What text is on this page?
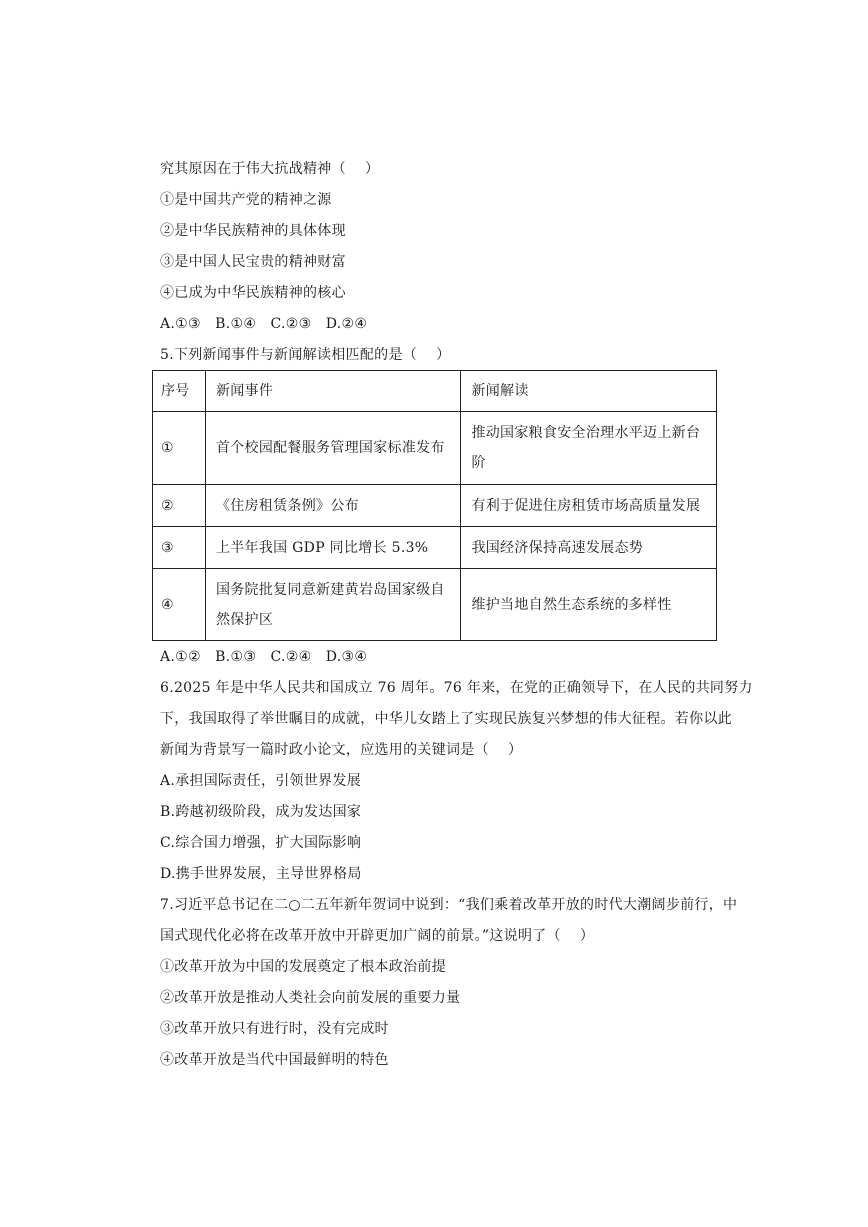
究其原因在于伟大抗战精神（　 ）
①是中国共产党的精神之源
②是中华民族精神的具体体现
③是中国人民宝贵的精神财富
④已成为中华民族精神的核心
A.①③　B.①④　C.②③　D.②④
5.下列新闻事件与新闻解读相匹配的是（　 ）
序号	新闻事件	新闻解读
①	首个校园配餐服务管理国家标准发布	推动国家粮食安全治理水平迈上新台阶
②	《住房租赁条例》公布	有利于促进住房租赁市场高质量发展
③	上半年我国 GDP 同比增长 5.3%	我国经济保持高速发展态势
④	国务院批复同意新建黄岩岛国家级自然保护区	维护当地自然生态系统的多样性
A.①②　B.①③　C.②④　D.③④
6.2025 年是中华人民共和国成立 76 周年。76 年来，在党的正确领导下，在人民的共同努力
下，我国取得了举世瞩目的成就，中华儿女踏上了实现民族复兴梦想的伟大征程。若你以此
新闻为背景写一篇时政小论文，应选用的关键词是（　 ）
A.承担国际责任，引领世界发展
B.跨越初级阶段，成为发达国家
C.综合国力增强，扩大国际影响
D.携手世界发展，主导世界格局
7.习近平总书记在二○二五年新年贺词中说到：“我们乘着改革开放的时代大潮阔步前行，中
国式现代化必将在改革开放中开辟更加广阔的前景。”这说明了（　 ）
①改革开放为中国的发展奠定了根本政治前提
②改革开放是推动人类社会向前发展的重要力量
③改革开放只有进行时，没有完成时
④改革开放是当代中国最鲜明的特色
